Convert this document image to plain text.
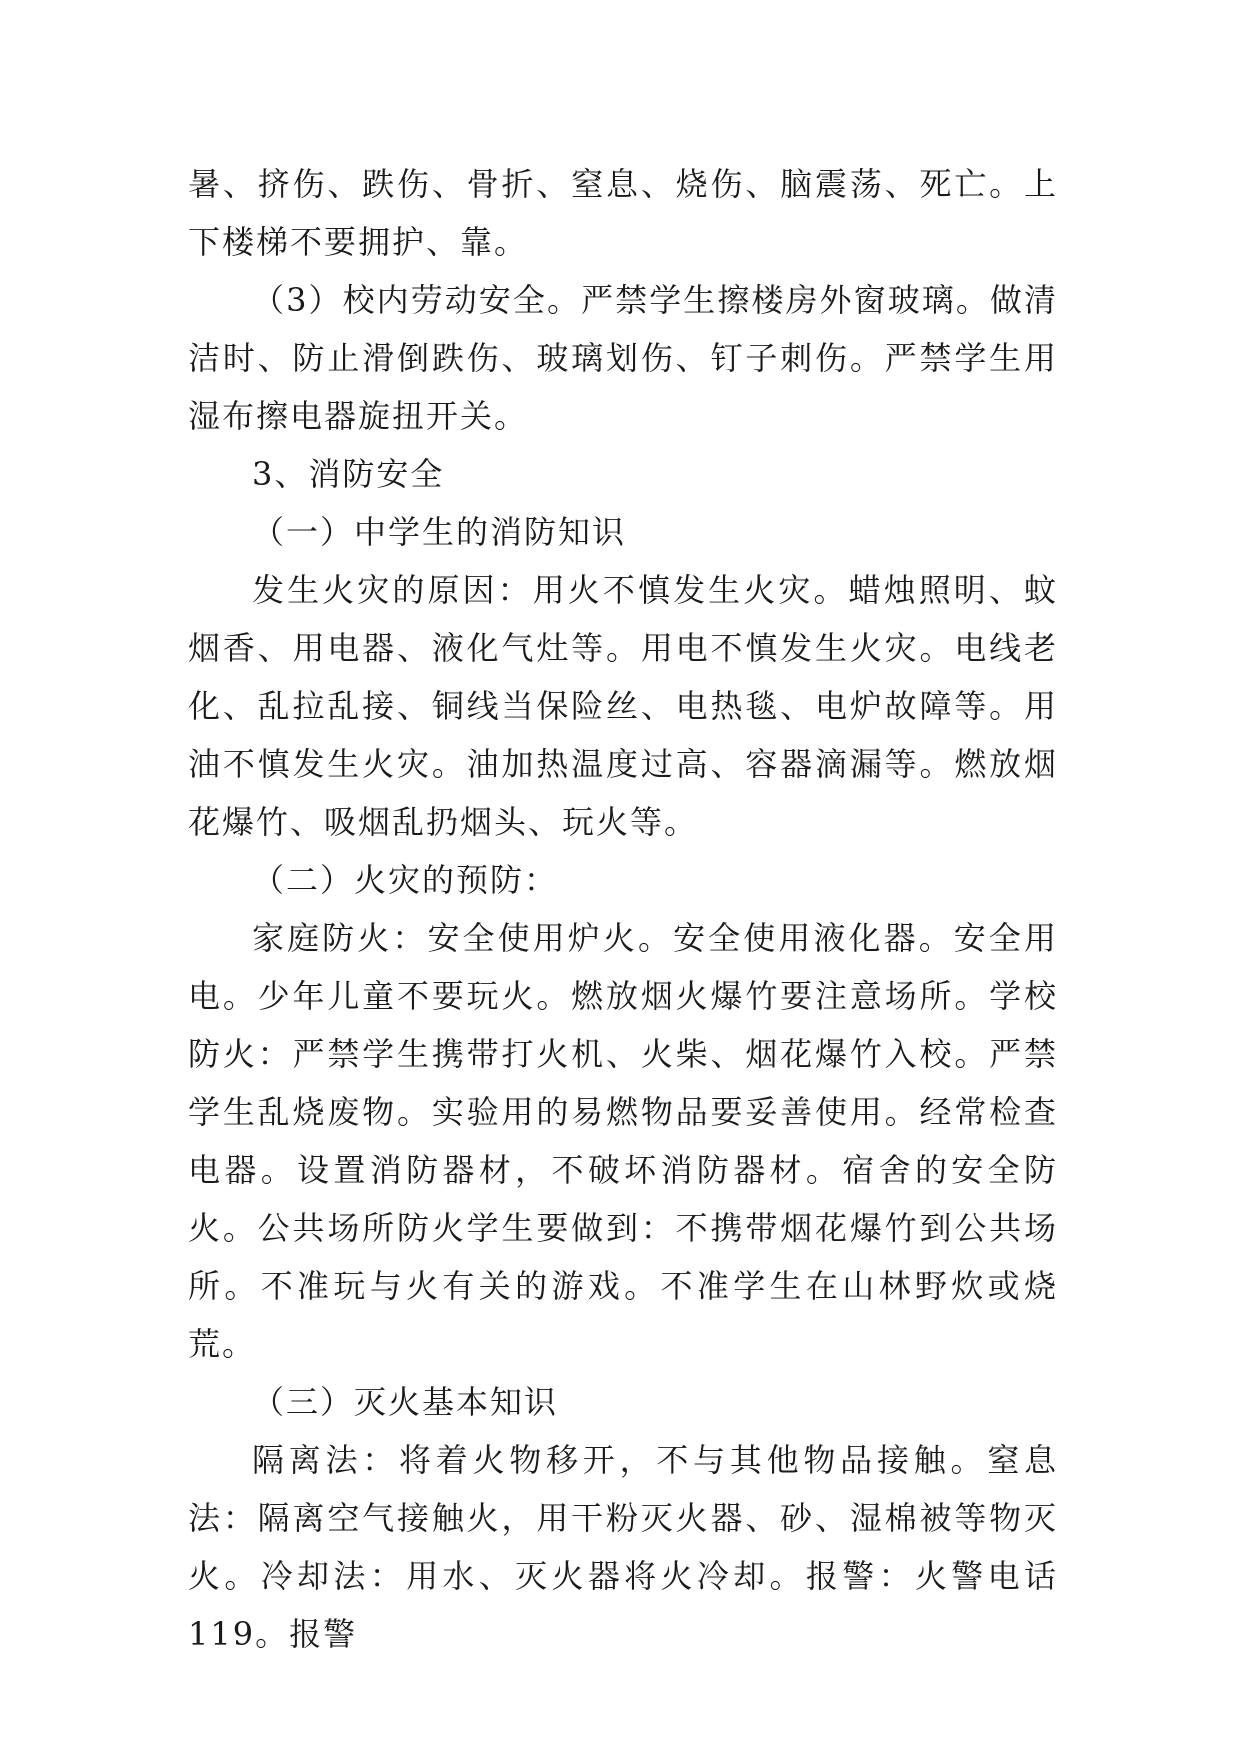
暑、挤伤、跌伤、骨折、窒息、烧伤、脑震荡、死亡。上下楼梯不要拥护、靠。

（3）校内劳动安全。严禁学生擦楼房外窗玻璃。做清洁时、防止滑倒跌伤、玻璃划伤、钉子刺伤。严禁学生用湿布擦电器旋扭开关。

3、消防安全

（一）中学生的消防知识

发生火灾的原因：用火不慎发生火灾。蜡烛照明、蚊烟香、用电器、液化气灶等。用电不慎发生火灾。电线老化、乱拉乱接、铜线当保险丝、电热毯、电炉故障等。用油不慎发生火灾。油加热温度过高、容器滴漏等。燃放烟花爆竹、吸烟乱扔烟头、玩火等。

（二）火灾的预防：

家庭防火：安全使用炉火。安全使用液化器。安全用电。少年儿童不要玩火。燃放烟火爆竹要注意场所。学校防火：严禁学生携带打火机、火柴、烟花爆竹入校。严禁学生乱烧废物。实验用的易燃物品要妥善使用。经常检查电器。设置消防器材，不破坏消防器材。宿舍的安全防火。公共场所防火学生要做到：不携带烟花爆竹到公共场所。不准玩与火有关的游戏。不准学生在山林野炊或烧荒。

（三）灭火基本知识

隔离法：将着火物移开，不与其他物品接触。窒息法：隔离空气接触火，用干粉灭火器、砂、湿棉被等物灭火。冷却法：用水、灭火器将火冷却。报警：火警电话119。报警
